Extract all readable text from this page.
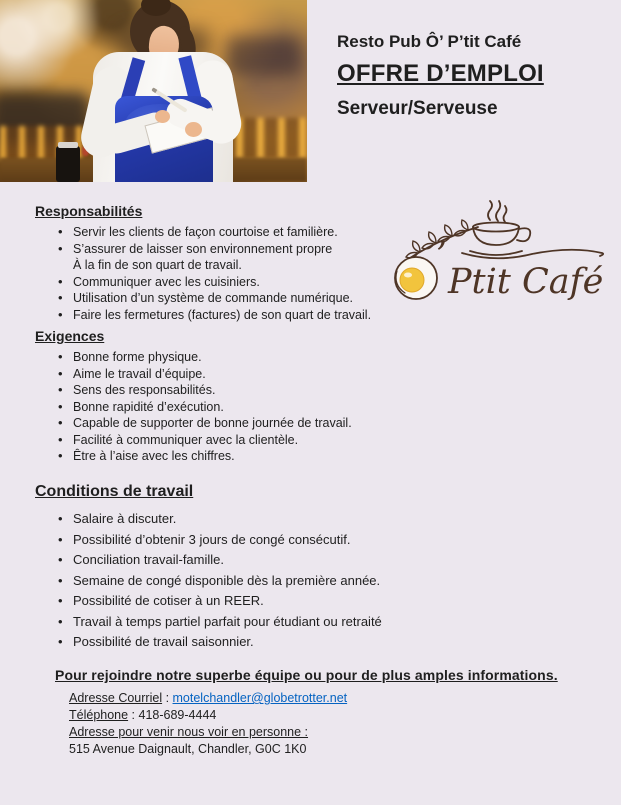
Resto Pub Ô’ P’tit Café
OFFRE D’EMPLOI
Serveur/Serveuse
’
Ptit Café
Responsabilités
• Servir les clients de façon courtoise et familière.
• S’assurer de laisser son environnement propre
À la fin de son quart de travail.
• Communiquer avec les cuisiniers.
• Utilisation d’un système de commande numérique.
• Faire les fermetures (factures) de son quart de travail.
Exigences
• Bonne forme physique.
• Aime le travail d’équipe.
• Sens des responsabilités.
• Bonne rapidité d’exécution.
• Capable de supporter de bonne journée de travail.
• Facilité à communiquer avec la clientèle.
• Être à l’aise avec les chiffres.
Conditions de travail
• Salaire à discuter.
• Possibilité d’obtenir 3 jours de congé consécutif.
• Conciliation travail-famille.
• Semaine de congé disponible dès la première année.
• Possibilité de cotiser à un REER.
• Travail à temps partiel parfait pour étudiant ou retraité
• Possibilité de travail saisonnier.
Pour rejoindre notre superbe équipe ou pour de plus amples informations.
Adresse Courriel : motelchandler@globetrotter.net
Téléphone : 418-689-4444
Adresse pour venir nous voir en personne :
515 Avenue Daignault, Chandler, G0C 1K0
